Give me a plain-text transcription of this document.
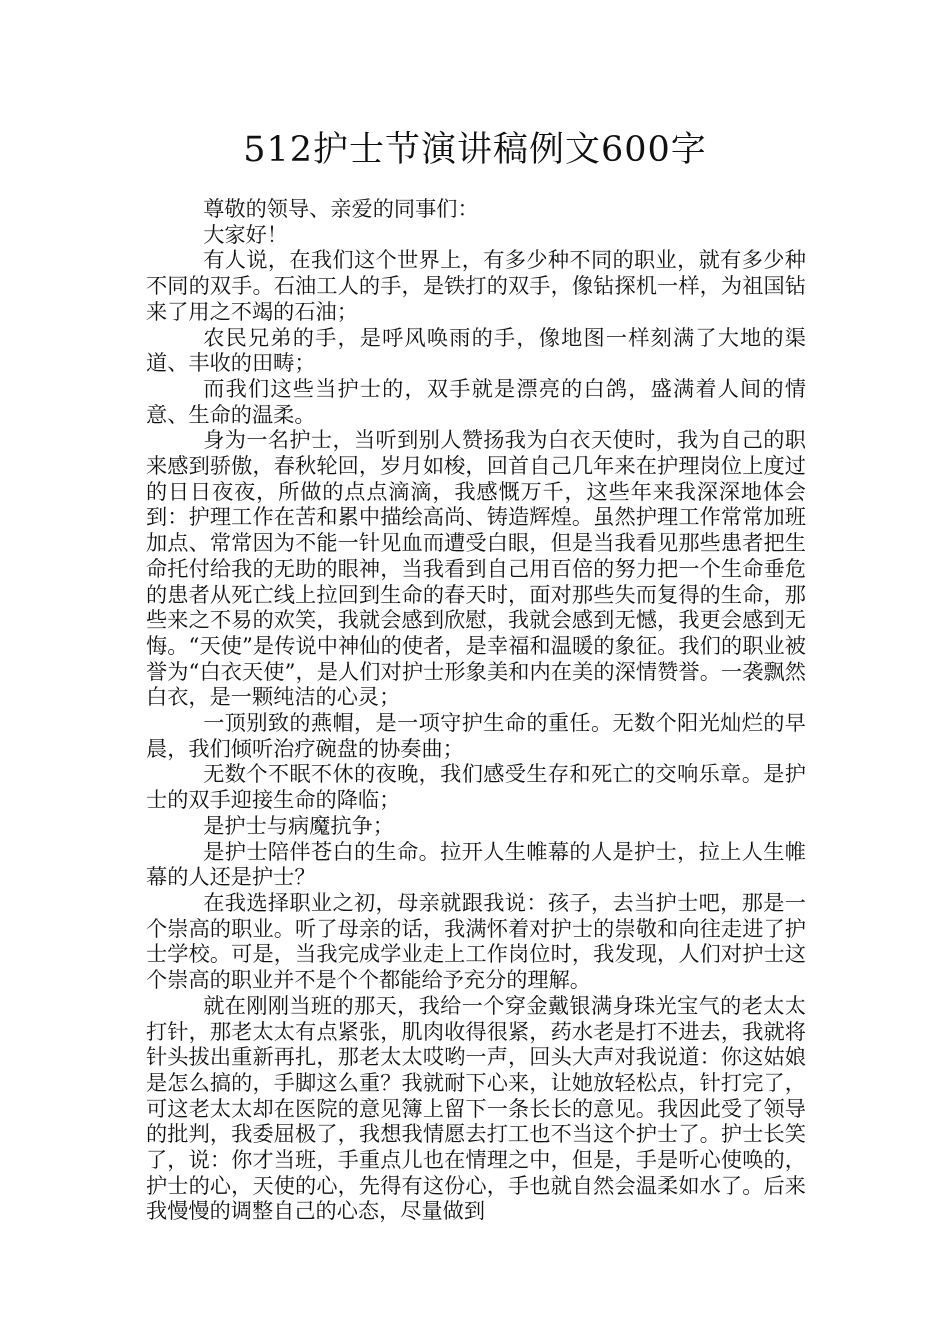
512护士节演讲稿例文600字

尊敬的领导、亲爱的同事们：

大家好！

有人说，在我们这个世界上，有多少种不同的职业，就有多少种不同的双手。石油工人的手，是铁打的双手，像钻探机一样，为祖国钻来了用之不竭的石油；

农民兄弟的手，是呼风唤雨的手，像地图一样刻满了大地的渠道、丰收的田畴；

而我们这些当护士的，双手就是漂亮的白鸽，盛满着人间的情意、生命的温柔。

身为一名护士，当听到别人赞扬我为白衣天使时，我为自己的职来感到骄傲，春秋轮回，岁月如梭，回首自己几年来在护理岗位上度过的日日夜夜，所做的点点滴滴，我感慨万千，这些年来我深深地体会到：护理工作在苦和累中描绘高尚、铸造辉煌。虽然护理工作常常加班加点、常常因为不能一针见血而遭受白眼，但是当我看见那些患者把生命托付给我的无助的眼神，当我看到自己用百倍的努力把一个生命垂危的患者从死亡线上拉回到生命的春天时，面对那些失而复得的生命，那些来之不易的欢笑，我就会感到欣慰，我就会感到无憾，我更会感到无悔。“天使”是传说中神仙的使者，是幸福和温暖的象征。我们的职业被誉为“白衣天使”，是人们对护士形象美和内在美的深情赞誉。一袭飘然白衣，是一颗纯洁的心灵；

一顶别致的燕帽，是一项守护生命的重任。无数个阳光灿烂的早晨，我们倾听治疗碗盘的协奏曲；

无数个不眠不休的夜晚，我们感受生存和死亡的交响乐章。是护士的双手迎接生命的降临；

是护士与病魔抗争；

是护士陪伴苍白的生命。拉开人生帷幕的人是护士，拉上人生帷幕的人还是护士？

在我选择职业之初，母亲就跟我说：孩子，去当护士吧，那是一个崇高的职业。听了母亲的话，我满怀着对护士的崇敬和向往走进了护士学校。可是，当我完成学业走上工作岗位时，我发现，人们对护士这个崇高的职业并不是个个都能给予充分的理解。

就在刚刚当班的那天，我给一个穿金戴银满身珠光宝气的老太太打针，那老太太有点紧张，肌肉收得很紧，药水老是打不进去，我就将针头拔出重新再扎，那老太太哎哟一声，回头大声对我说道：你这姑娘是怎么搞的，手脚这么重？我就耐下心来，让她放轻松点，针打完了，可这老太太却在医院的意见簿上留下一条长长的意见。我因此受了领导的批判，我委屈极了，我想我情愿去打工也不当这个护士了。护士长笑了，说：你才当班，手重点儿也在情理之中，但是，手是听心使唤的，护士的心，天使的心，先得有这份心，手也就自然会温柔如水了。后来我慢慢的调整自己的心态，尽量做到
